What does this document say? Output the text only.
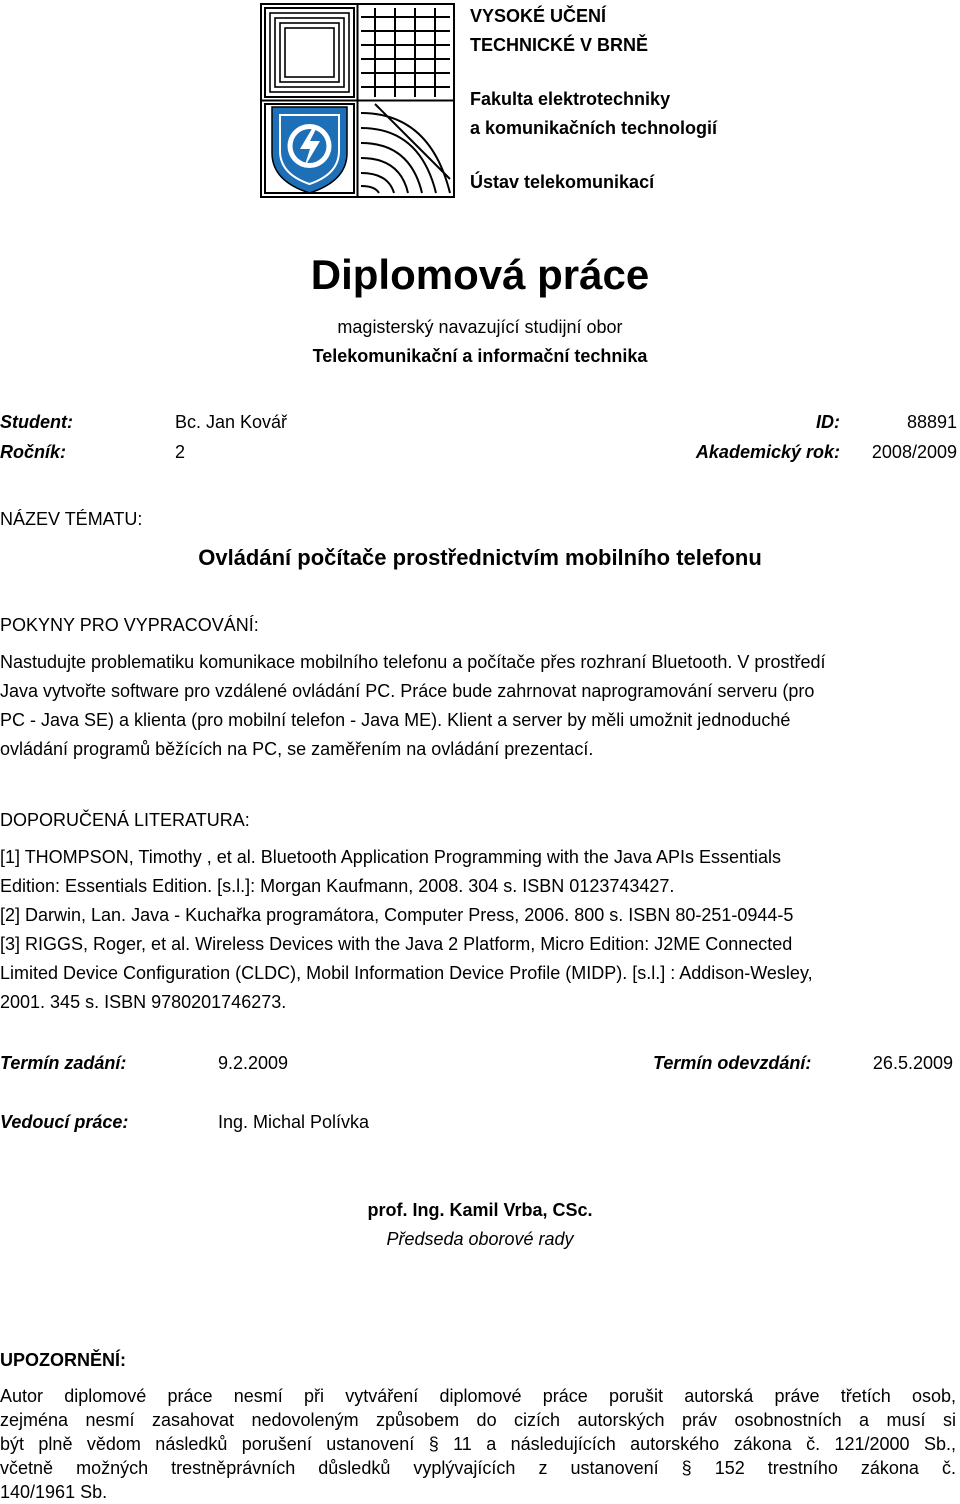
VYSOKÉ UČENÍ
TECHNICKÉ V BRNĚ
Fakulta elektrotechniky
a komunikačních technologií
Ústav telekomunikací
Diplomová práce
magisterský navazující studijní obor
Telekomunikační a informační technika
Student:	Bc. Jan Kovář	ID:	88891
Ročník:	2	Akademický rok: 2008/2009
NÁZEV TÉMATU:
Ovládání počítače prostřednictvím mobilního telefonu
POKYNY PRO VYPRACOVÁNÍ:
Nastudujte problematiku komunikace mobilního telefonu a počítače přes rozhraní Bluetooth. V prostředí
Java vytvořte software pro vzdálené ovládání PC. Práce bude zahrnovat naprogramování serveru (pro
PC - Java SE) a klienta (pro mobilní telefon - Java ME). Klient a server by měli umožnit jednoduché
ovládání programů běžících na PC, se zaměřením na ovládání prezentací.
DOPORUČENÁ LITERATURA:
[1] THOMPSON, Timothy , et al. Bluetooth Application Programming with the Java APIs Essentials
Edition: Essentials Edition. [s.l.]: Morgan Kaufmann, 2008. 304 s. ISBN 0123743427.
[2] Darwin, Lan. Java - Kuchařka programátora, Computer Press, 2006. 800 s. ISBN 80-251-0944-5
[3] RIGGS, Roger, et al. Wireless Devices with the Java 2 Platform, Micro Edition: J2ME Connected
Limited Device Configuration (CLDC), Mobil Information Device Profile (MIDP). [s.l.] : Addison-Wesley,
2001. 345 s. ISBN 9780201746273.
Termín zadání:	9.2.2009	Termín odevzdání:	26.5.2009
Vedoucí práce:	Ing. Michal Polívka
prof. Ing. Kamil Vrba, CSc.
Předseda oborové rady
UPOZORNĚNÍ:
Autor diplomové práce nesmí při vytváření diplomové práce porušit autorská práve třetích osob,
zejména nesmí zasahovat nedovoleným způsobem do cizích autorských práv osobnostních a musí si
být plně vědom následků porušení ustanovení § 11 a následujících autorského zákona č. 121/2000 Sb.,
včetně možných trestněprávních důsledků vyplývajících z ustanovení § 152 trestního zákona č.
140/1961 Sb.
